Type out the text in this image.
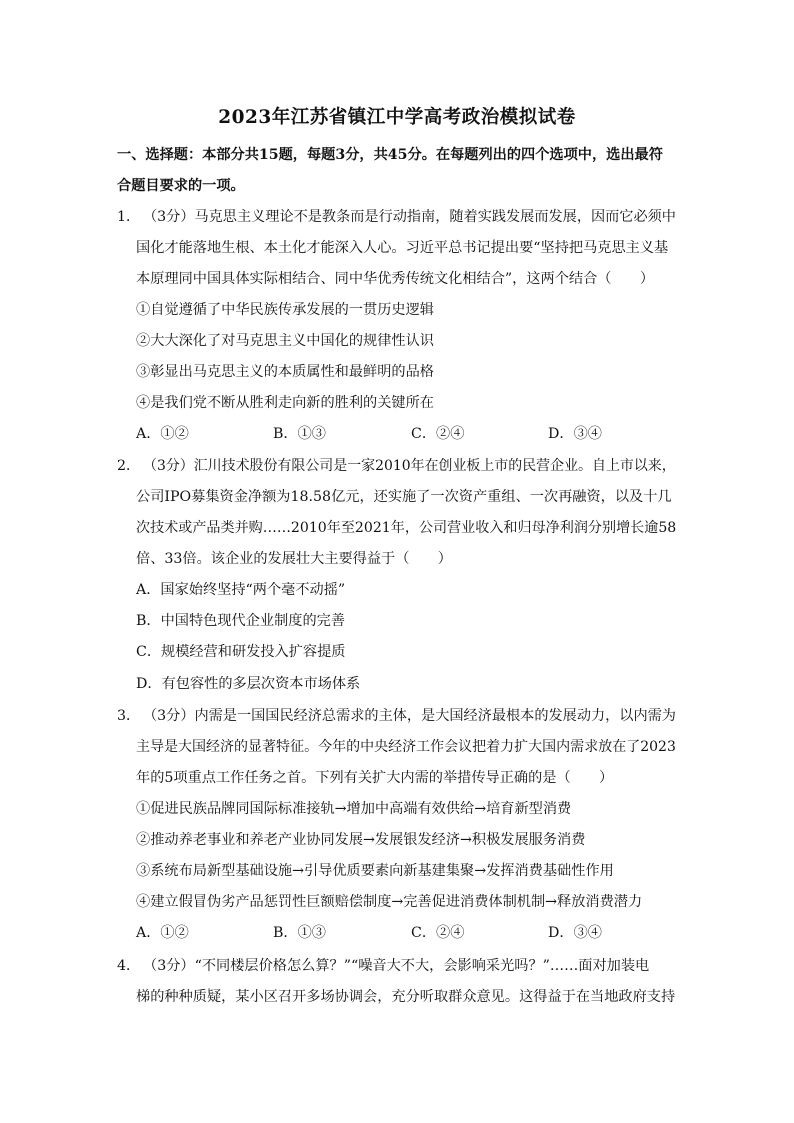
2023年江苏省镇江中学高考政治模拟试卷
一、选择题：本部分共15题，每题3分，共45分。在每题列出的四个选项中，选出最符
合题目要求的一项。
1． （3分）马克思主义理论不是教条而是行动指南，随着实践发展而发展，因而它必须中
国化才能落地生根、本土化才能深入人心。习近平总书记提出要“坚持把马克思主义基
本原理同中国具体实际相结合、同中华优秀传统文化相结合”，这两个结合（　　）
①自觉遵循了中华民族传承发展的一贯历史逻辑
②大大深化了对马克思主义中国化的规律性认识
③彰显出马克思主义的本质属性和最鲜明的品格
④是我们党不断从胜利走向新的胜利的关键所在
A．①②	B．①③	C．②④	D．③④
2． （3分）汇川技术股份有限公司是一家2010年在创业板上市的民营企业。自上市以来，
公司IPO募集资金净额为18.58亿元，还实施了一次资产重组、一次再融资，以及十几
次技术或产品类并购……2010年至2021年，公司营业收入和归母净利润分别增长逾58
倍、33倍。该企业的发展壮大主要得益于（　　）
A．国家始终坚持“两个毫不动摇”
B．中国特色现代企业制度的完善
C．规模经营和研发投入扩容提质
D．有包容性的多层次资本市场体系
3． （3分）内需是一国国民经济总需求的主体，是大国经济最根本的发展动力，以内需为
主导是大国经济的显著特征。今年的中央经济工作会议把着力扩大国内需求放在了2023
年的5项重点工作任务之首。下列有关扩大内需的举措传导正确的是（　　）
①促进民族品牌同国际标准接轨→增加中高端有效供给→培育新型消费
②推动养老事业和养老产业协同发展→发展银发经济→积极发展服务消费
③系统布局新型基础设施→引导优质要素向新基建集聚→发挥消费基础性作用
④建立假冒伪劣产品惩罚性巨额赔偿制度→完善促进消费体制机制→释放消费潜力
A．①②	B．①③	C．②④	D．③④
4． （3分）“不同楼层价格怎么算？”“噪音大不大，会影响采光吗？”……面对加装电
梯的种种质疑，某小区召开多场协调会，充分听取群众意见。这得益于在当地政府支持
